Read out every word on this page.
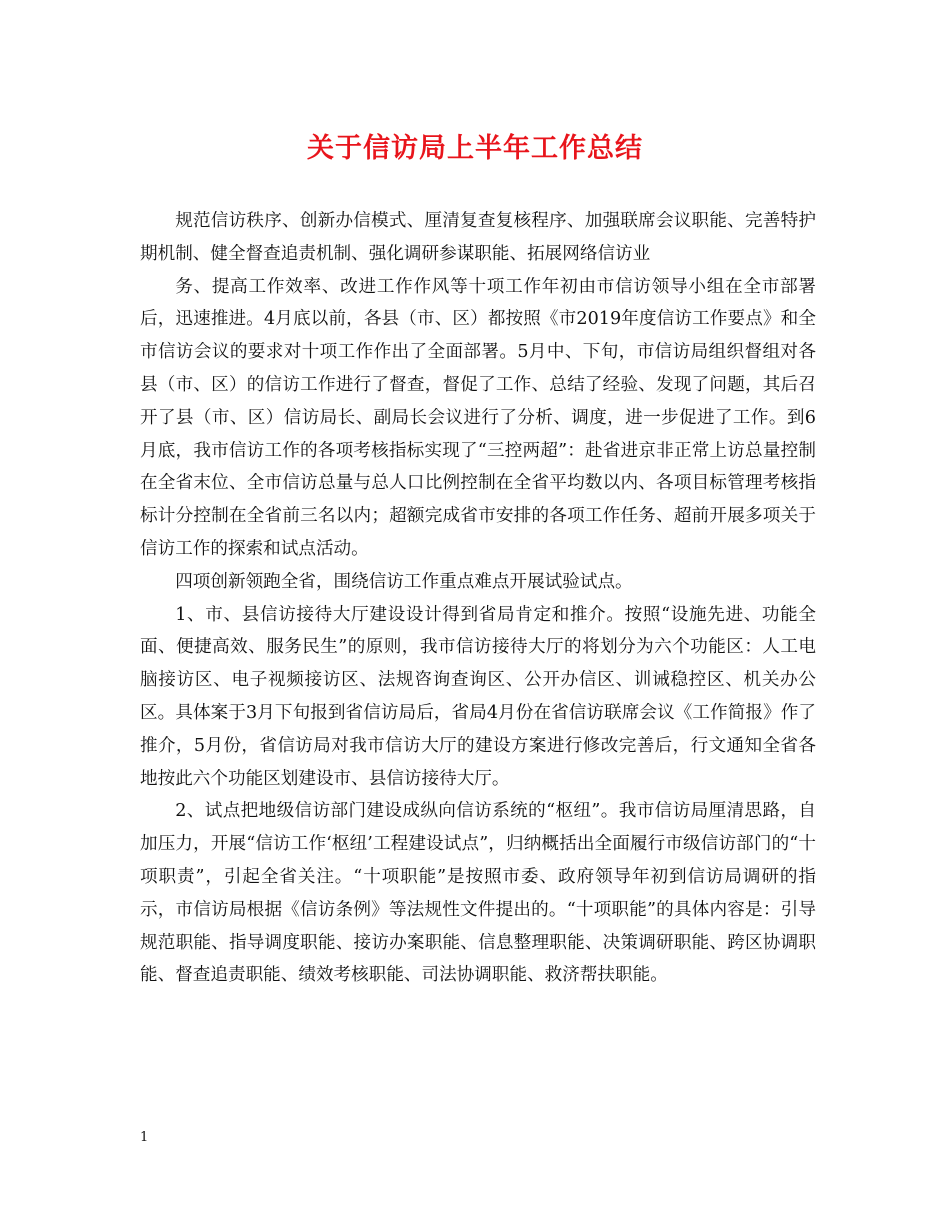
关于信访局上半年工作总结

规范信访秩序、创新办信模式、厘清复查复核程序、加强联席会议职能、完善特护期机制、健全督查追责机制、强化调研参谋职能、拓展网络信访业

务、提高工作效率、改进工作作风等十项工作年初由市信访领导小组在全市部署后，迅速推进。4月底以前，各县（市、区）都按照《市2019年度信访工作要点》和全市信访会议的要求对十项工作作出了全面部署。5月中、下旬，市信访局组织督组对各县（市、区）的信访工作进行了督查，督促了工作、总结了经验、发现了问题，其后召开了县（市、区）信访局长、副局长会议进行了分析、调度，进一步促进了工作。到6月底，我市信访工作的各项考核指标实现了“三控两超”：赴省进京非正常上访总量控制在全省末位、全市信访总量与总人口比例控制在全省平均数以内、各项目标管理考核指标计分控制在全省前三名以内；超额完成省市安排的各项工作任务、超前开展多项关于信访工作的探索和试点活动。

四项创新领跑全省，围绕信访工作重点难点开展试验试点。

1、市、县信访接待大厅建设设计得到省局肯定和推介。按照“设施先进、功能全面、便捷高效、服务民生”的原则，我市信访接待大厅的将划分为六个功能区：人工电脑接访区、电子视频接访区、法规咨询查询区、公开办信区、训诫稳控区、机关办公区。具体案于3月下旬报到省信访局后，省局4月份在省信访联席会议《工作简报》作了推介，5月份，省信访局对我市信访大厅的建设方案进行修改完善后，行文通知全省各地按此六个功能区划建设市、县信访接待大厅。

2、试点把地级信访部门建设成纵向信访系统的“枢纽”。我市信访局厘清思路，自加压力，开展“信访工作‘枢纽’工程建设试点”，归纳概括出全面履行市级信访部门的“十项职责”，引起全省关注。“十项职能”是按照市委、政府领导年初到信访局调研的指示，市信访局根据《信访条例》等法规性文件提出的。“十项职能”的具体内容是：引导规范职能、指导调度职能、接访办案职能、信息整理职能、决策调研职能、跨区协调职能、督查追责职能、绩效考核职能、司法协调职能、救济帮扶职能。

1
